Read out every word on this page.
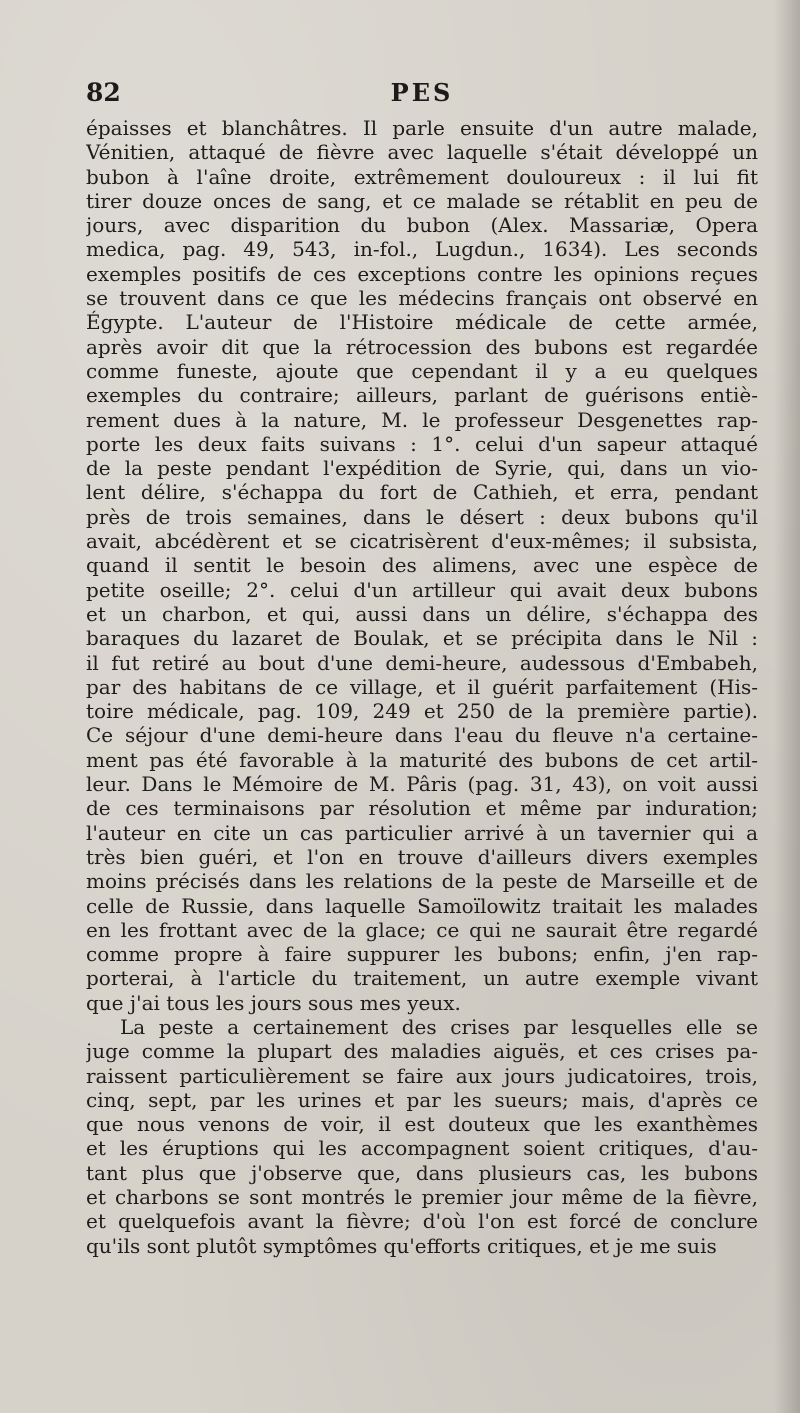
82	PES
épaisses et blanchâtres. Il parle ensuite d'un autre malade,
Vénitien, attaqué de fièvre avec laquelle s'était développé un
bubon à l'aîne droite, extrêmement douloureux : il lui fit
tirer douze onces de sang, et ce malade se rétablit en peu de
jours, avec disparition du bubon (Alex. Massariæ, Opera
medica, pag. 49, 543, in-fol., Lugdun., 1634). Les seconds
exemples positifs de ces exceptions contre les opinions reçues
se trouvent dans ce que les médecins français ont observé en
Égypte. L'auteur de l'Histoire médicale de cette armée,
après avoir dit que la rétrocession des bubons est regardée
comme funeste, ajoute que cependant il y a eu quelques
exemples du contraire; ailleurs, parlant de guérisons entiè-
rement dues à la nature, M. le professeur Desgenettes rap-
porte les deux faits suivans : 1°. celui d'un sapeur attaqué
de la peste pendant l'expédition de Syrie, qui, dans un vio-
lent délire, s'échappa du fort de Cathieh, et erra, pendant
près de trois semaines, dans le désert : deux bubons qu'il
avait, abcédèrent et se cicatrisèrent d'eux-mêmes; il subsista,
quand il sentit le besoin des alimens, avec une espèce de
petite oseille; 2°. celui d'un artilleur qui avait deux bubons
et un charbon, et qui, aussi dans un délire, s'échappa des
baraques du lazaret de Boulak, et se précipita dans le Nil :
il fut retiré au bout d'une demi-heure, audessous d'Embabeh,
par des habitans de ce village, et il guérit parfaitement (His-
toire médicale, pag. 109, 249 et 250 de la première partie).
Ce séjour d'une demi-heure dans l'eau du fleuve n'a certaine-
ment pas été favorable à la maturité des bubons de cet artil-
leur. Dans le Mémoire de M. Pâris (pag. 31, 43), on voit aussi
de ces terminaisons par résolution et même par induration;
l'auteur en cite un cas particulier arrivé à un tavernier qui a
très bien guéri, et l'on en trouve d'ailleurs divers exemples
moins précisés dans les relations de la peste de Marseille et de
celle de Russie, dans laquelle Samoïlowitz traitait les malades
en les frottant avec de la glace; ce qui ne saurait être regardé
comme propre à faire suppurer les bubons; enfin, j'en rap-
porterai, à l'article du traitement, un autre exemple vivant
que j'ai tous les jours sous mes yeux.
La peste a certainement des crises par lesquelles elle se
juge comme la plupart des maladies aiguës, et ces crises pa-
raissent particulièrement se faire aux jours judicatoires, trois,
cinq, sept, par les urines et par les sueurs; mais, d'après ce
que nous venons de voir, il est douteux que les exanthèmes
et les éruptions qui les accompagnent soient critiques, d'au-
tant plus que j'observe que, dans plusieurs cas, les bubons
et charbons se sont montrés le premier jour même de la fièvre,
et quelquefois avant la fièvre; d'où l'on est forcé de conclure
qu'ils sont plutôt symptômes qu'efforts critiques, et je me suis
